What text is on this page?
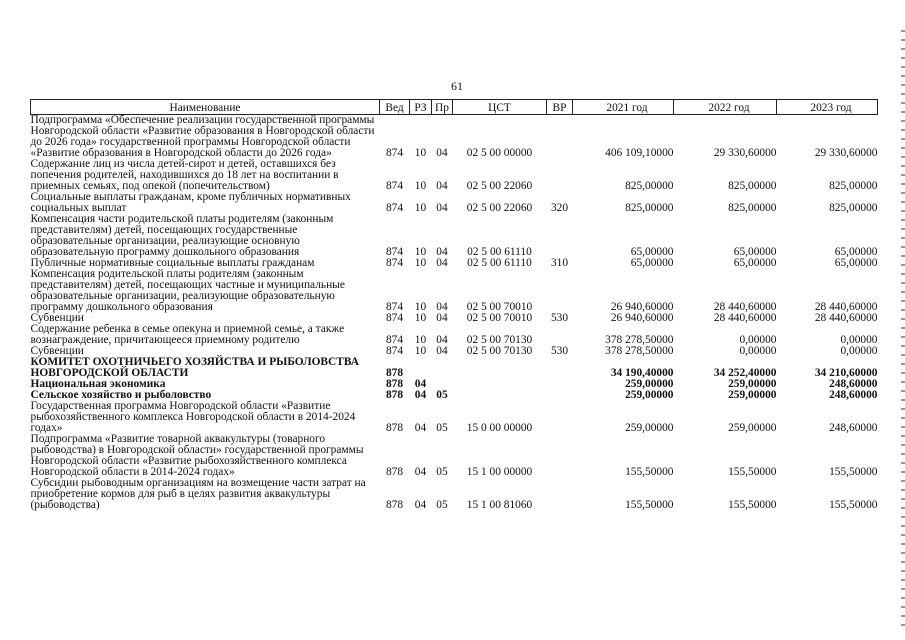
61
Наименование	Вед	РЗ	Пр	ЦСТ	ВР	2021 год	2022 год	2023 год
Подпрограмма «Обеспечение реализации государственной программы Новгородской области «Развитие образования в Новгородской области до 2026 года» государственной программы Новгородской области «Развитие образования в Новгородской области до 2026 года»	874	10	04	02 5 00 00000		406 109,10000	29 330,60000	29 330,60000
Содержание лиц из числа детей-сирот и детей, оставшихся без попечения родителей, находившихся до 18 лет на воспитании в приемных семьях, под опекой (попечительством)	874	10	04	02 5 00 22060		825,00000	825,00000	825,00000
Социальные выплаты гражданам, кроме публичных нормативных социальных выплат	874	10	04	02 5 00 22060	320	825,00000	825,00000	825,00000
Компенсация части родительской платы родителям (законным представителям) детей, посещающих государственные образовательные организации, реализующие основную образовательную программу дошкольного образования	874	10	04	02 5 00 61110		65,00000	65,00000	65,00000
Публичные нормативные социальные выплаты гражданам	874	10	04	02 5 00 61110	310	65,00000	65,00000	65,00000
Компенсация родительской платы родителям (законным представителям) детей, посещающих частные и муниципальные образовательные организации, реализующие образовательную программу дошкольного образования	874	10	04	02 5 00 70010		26 940,60000	28 440,60000	28 440,60000
Субвенции	874	10	04	02 5 00 70010	530	26 940,60000	28 440,60000	28 440,60000
Содержание ребенка в семье опекуна и приемной семье, а также вознаграждение, причитающееся приемному родителю	874	10	04	02 5 00 70130		378 278,50000	0,00000	0,00000
Субвенции	874	10	04	02 5 00 70130	530	378 278,50000	0,00000	0,00000
КОМИТЕТ ОХОТНИЧЬЕГО ХОЗЯЙСТВА И РЫБОЛОВСТВА НОВГОРОДСКОЙ ОБЛАСТИ	878					34 190,40000	34 252,40000	34 210,60000
Национальная экономика	878	04				259,00000	259,00000	248,60000
Сельское хозяйство и рыболовство	878	04	05			259,00000	259,00000	248,60000
Государственная программа Новгородской области «Развитие рыбохозяйственного комплекса Новгородской области в 2014-2024 годах»	878	04	05	15 0 00 00000		259,00000	259,00000	248,60000
Подпрограмма «Развитие товарной аквакультуры (товарного рыбоводства) в Новгородской области» государственной программы Новгородской области «Развитие рыбохозяйственного комплекса Новгородской области в 2014-2024 годах»	878	04	05	15 1 00 00000		155,50000	155,50000	155,50000
Субсидии рыбоводным организациям на возмещение части затрат на приобретение кормов для рыб в целях развития аквакультуры (рыбоводства)	878	04	05	15 1 00 81060		155,50000	155,50000	155,50000
